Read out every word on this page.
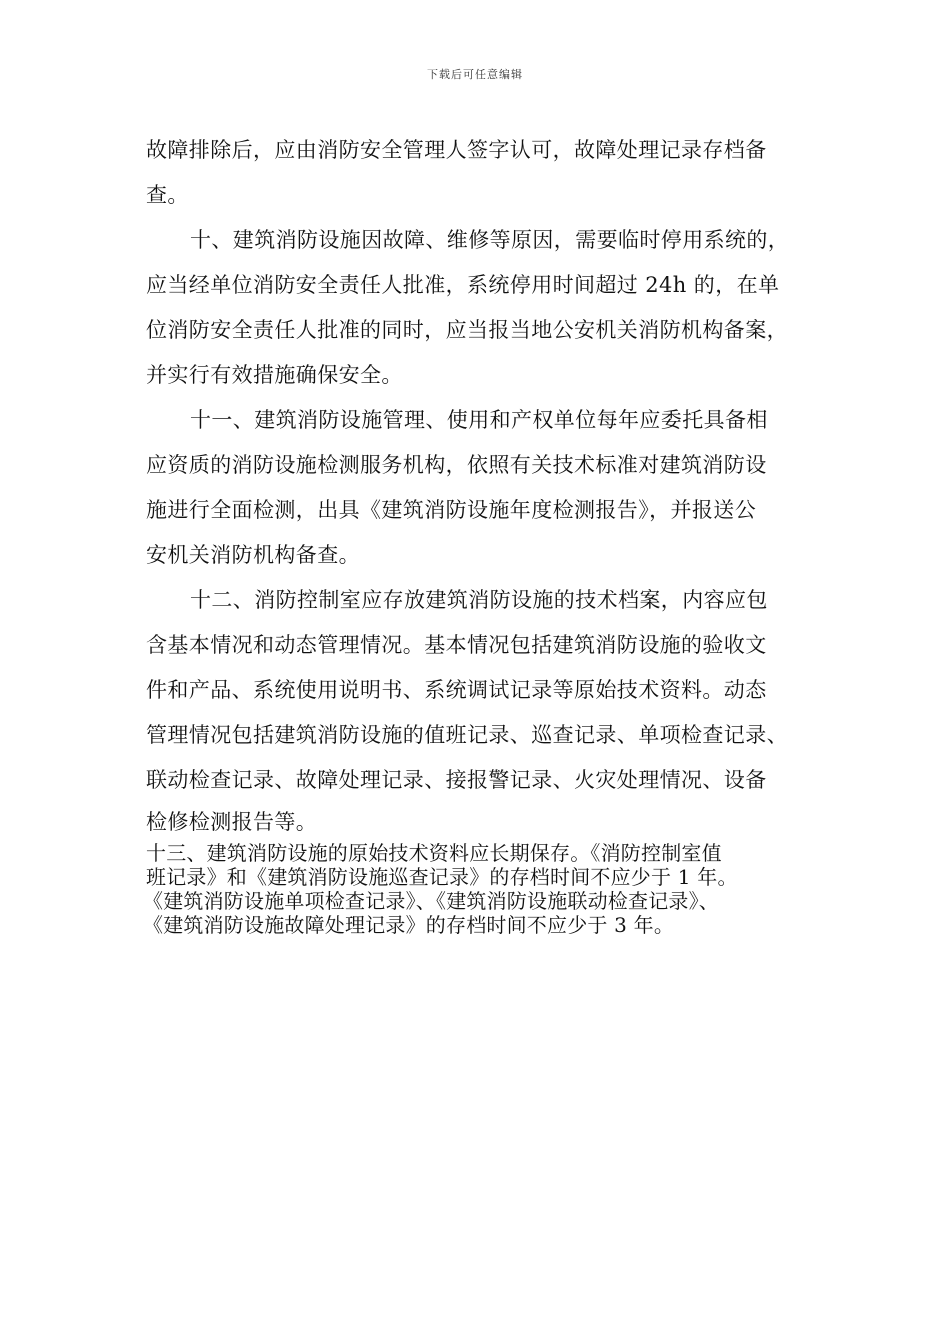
下载后可任意编辑
故障排除后，应由消防安全管理人签字认可，故障处理记录存档备
查。
十、建筑消防设施因故障、维修等原因，需要临时停用系统的，
应当经单位消防安全责任人批准，系统停用时间超过 24h 的，在单
位消防安全责任人批准的同时，应当报当地公安机关消防机构备案，
并实行有效措施确保安全。
十一、建筑消防设施管理、使用和产权单位每年应委托具备相
应资质的消防设施检测服务机构，依照有关技术标准对建筑消防设
施进行全面检测，出具《建筑消防设施年度检测报告》，并报送公
安机关消防机构备查。
十二、消防控制室应存放建筑消防设施的技术档案，内容应包
含基本情况和动态管理情况。基本情况包括建筑消防设施的验收文
件和产品、系统使用说明书、系统调试记录等原始技术资料。动态
管理情况包括建筑消防设施的值班记录、巡查记录、单项检查记录、
联动检查记录、故障处理记录、接报警记录、火灾处理情况、设备
检修检测报告等。
十三、建筑消防设施的原始技术资料应长期保存。《消防控制室值
班记录》和《建筑消防设施巡查记录》的存档时间不应少于 1 年。
《建筑消防设施单项检查记录》、《建筑消防设施联动检查记录》、
《建筑消防设施故障处理记录》的存档时间不应少于 3 年。
